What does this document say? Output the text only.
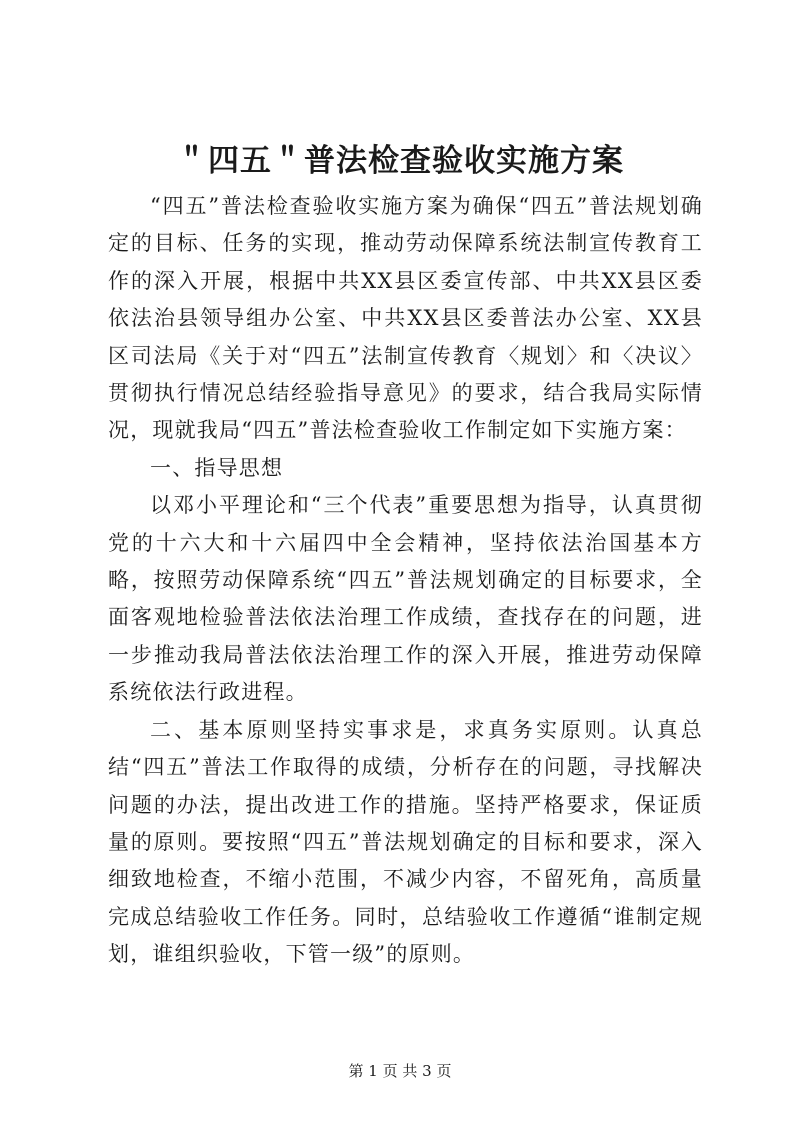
＂四五＂普法检查验收实施方案

“四五”普法检查验收实施方案为确保“四五”普法规划确定的目标、任务的实现，推动劳动保障系统法制宣传教育工作的深入开展，根据中共XX县区委宣传部、中共XX县区委依法治县领导组办公室、中共XX县区委普法办公室、XX县区司法局《关于对“四五”法制宣传教育〈规划〉和〈决议〉贯彻执行情况总结经验指导意见》的要求，结合我局实际情况，现就我局“四五”普法检查验收工作制定如下实施方案：

一、指导思想

以邓小平理论和“三个代表”重要思想为指导，认真贯彻党的十六大和十六届四中全会精神，坚持依法治国基本方略，按照劳动保障系统“四五”普法规划确定的目标要求，全面客观地检验普法依法治理工作成绩，查找存在的问题，进一步推动我局普法依法治理工作的深入开展，推进劳动保障系统依法行政进程。

二、基本原则坚持实事求是，求真务实原则。认真总结“四五”普法工作取得的成绩，分析存在的问题，寻找解决问题的办法，提出改进工作的措施。坚持严格要求，保证质量的原则。要按照“四五”普法规划确定的目标和要求，深入细致地检查，不缩小范围，不减少内容，不留死角，高质量完成总结验收工作任务。同时，总结验收工作遵循“谁制定规划，谁组织验收，下管一级”的原则。

第 1 页 共 3 页
